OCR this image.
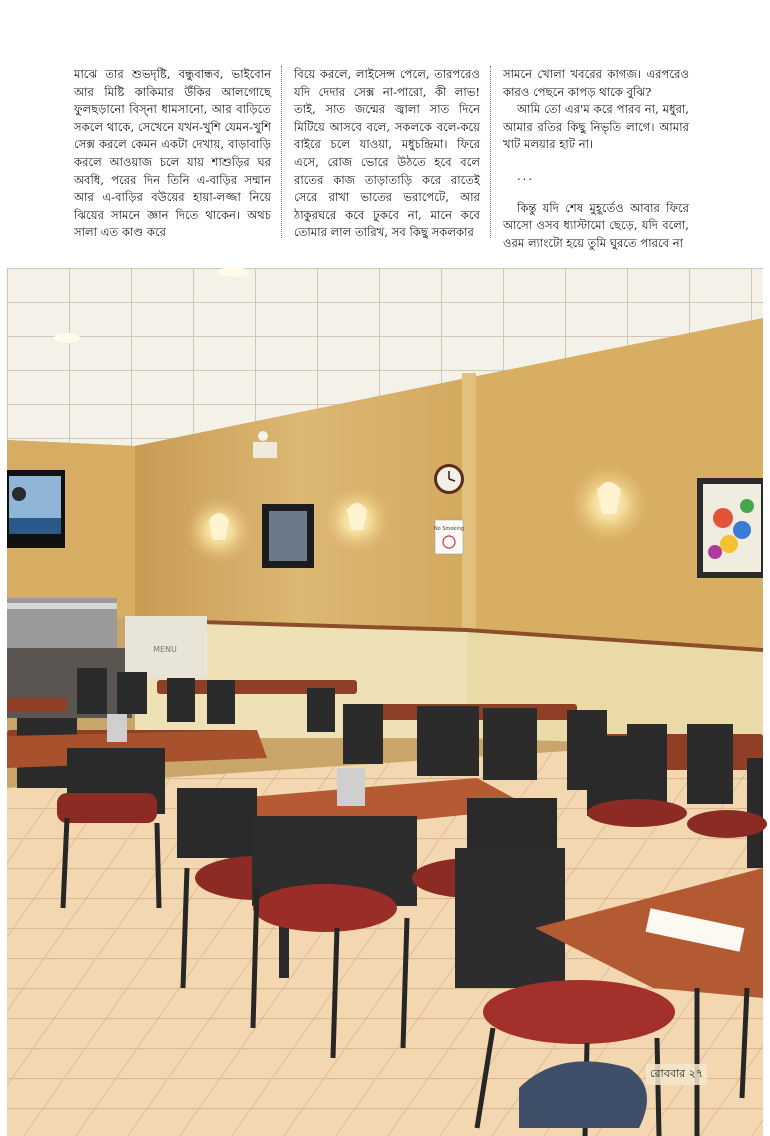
মাঝে তার শুভদৃষ্টি, বন্ধুবান্ধব, ভাইবোন আর মিষ্টি কাকিমার উঁকির আলগোছে ফুলছড়ানো বিস্‌না ধামসানো, আর বাড়িতে সকলে থাকে, সেখেনে যখন-খুশি যেমন-খুশি সেক্স করলে কেমন একটা দেখায়, বাড়াবাড়ি করলে আওয়াজ চলে যায় শাশুড়ির ঘর অবধি, পরের দিন তিনি এ-বাড়ির সম্মান আর এ-বাড়ির বউয়ের হায়া-লজ্জা নিয়ে ঝিয়ের সামনে জ্ঞান দিতে থাকেন। অথচ সালা এত কাণ্ড করে

বিয়ে করলে, লাইসেন্স পেলে, তারপরেও যদি দেদার সেক্স না-পারো, কী লাভ! তাই, সাত জন্মের জ্বালা সাত দিনে মিটিয়ে আসবে বলে, সকলকে বলে-কয়ে বাইরে চলে যাওয়া, মধুচন্দ্রিমা। ফিরে এসে, রোজ ভোরে উঠতে হবে বলে রাতের কাজ তাড়াতাড়ি করে রাতেই সেরে রাখা ভাতের ভরাপেটে, আর ঠাকুরঘরে কবে ঢুকবে না, মানে কবে তোমার লাল তারিখ, সব কিছু সকলকার

সামনে খোলা খবরের কাগজ। এরপরেও কারও পেছনে কাপড় থাকে বুঝি?

আমি তো এর'ম করে পারব না, মধুরা, আমার রতির কিছু নিভৃতি লাগে। আমার খাট মলয়ার হাট না।

...

কিন্তু যদি শেষ মুহূর্তেও আবার ফিরে আসো ওসব ধ্যাস্টামো ছেড়ে, যদি বলো, ওরম ল্যাংটো হয়ে তুমি ঘুরতে পারবে না

No Smoking
MENU
রোববার ২৭
